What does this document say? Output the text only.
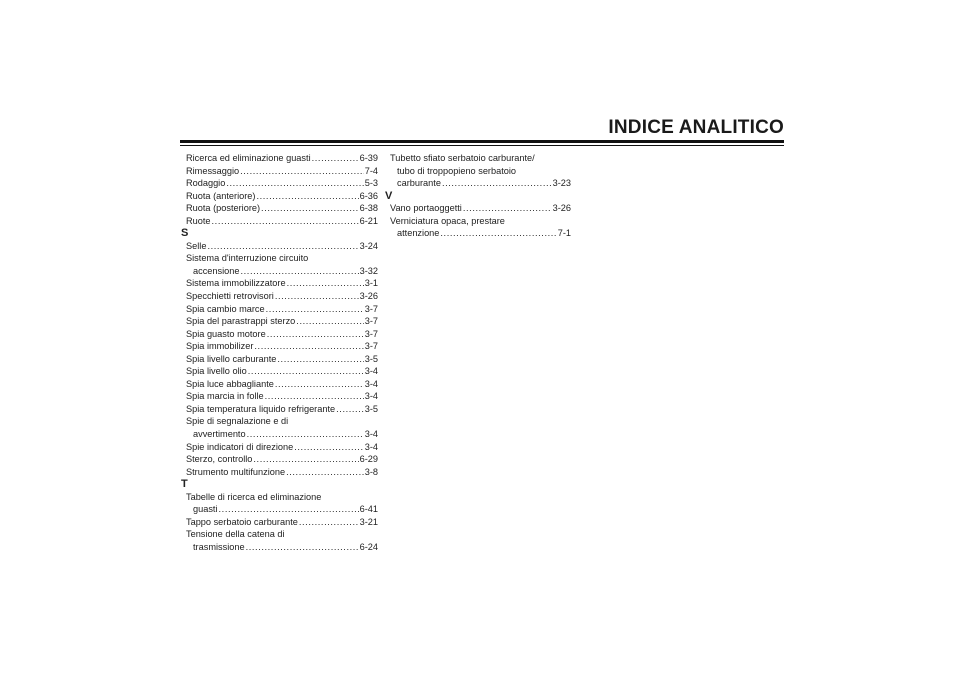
INDICE ANALITICO
Ricerca ed eliminazione guasti .....	6-39
Rimessaggio .....	7-4
Rodaggio .....	5-3
Ruota (anteriore) .....	6-36
Ruota (posteriore) .....	6-38
Ruote .....	6-21
S
Selle .....	3-24
Sistema d'interruzione circuito
accensione .....	3-32
Sistema immobilizzatore .....	3-1
Specchietti retrovisori .....	3-26
Spia cambio marce .....	3-7
Spia del parastrappi sterzo .....	3-7
Spia guasto motore .....	3-7
Spia immobilizer .....	3-7
Spia livello carburante .....	3-5
Spia livello olio .....	3-4
Spia luce abbagliante .....	3-4
Spia marcia in folle .....	3-4
Spia temperatura liquido refrigerante .....	3-5
Spie di segnalazione e di
avvertimento .....	3-4
Spie indicatori di direzione .....	3-4
Sterzo, controllo .....	6-29
Strumento multifunzione .....	3-8
T
Tabelle di ricerca ed eliminazione
guasti .....	6-41
Tappo serbatoio carburante .....	3-21
Tensione della catena di
trasmissione .....	6-24
Tubetto sfiato serbatoio carburante/
tubo di troppopieno serbatoio
carburante .....	3-23
V
Vano portaoggetti .....	3-26
Verniciatura opaca, prestare
attenzione .....	7-1
